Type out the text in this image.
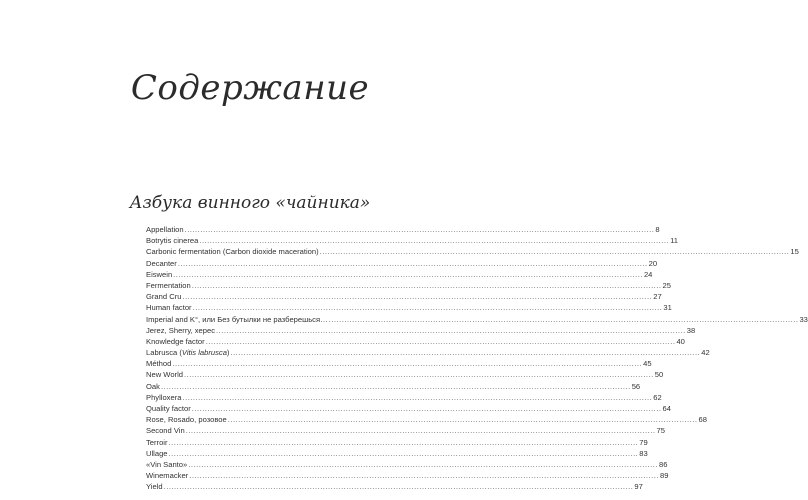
Содержание
Азбука винного «чайника»
Appellation .....	8
Botrytis cinerea .....	11
Carbonic fermentation (Carbon dioxide maceration) .....	15
Decanter .....	20
Eiswein .....	24
Fermentation .....	25
Grand Cru .....	27
Human factor .....	31
Imperial and K°, или Без бутылки не разберешься… .....	33
Jerez, Sherry, херес .....	38
Knowledge factor .....	40
Labrusca (Vitis labrusca) .....	42
Méthod .....	45
New World .....	50
Oak .....	56
Phylloxera .....	62
Quality factor .....	64
Rose, Rosado, розовое .....	68
Second Vin .....	75
Terroir .....	79
Ullage .....	83
«Vin Santo» .....	86
Winemacker .....	89
Yield .....	97
